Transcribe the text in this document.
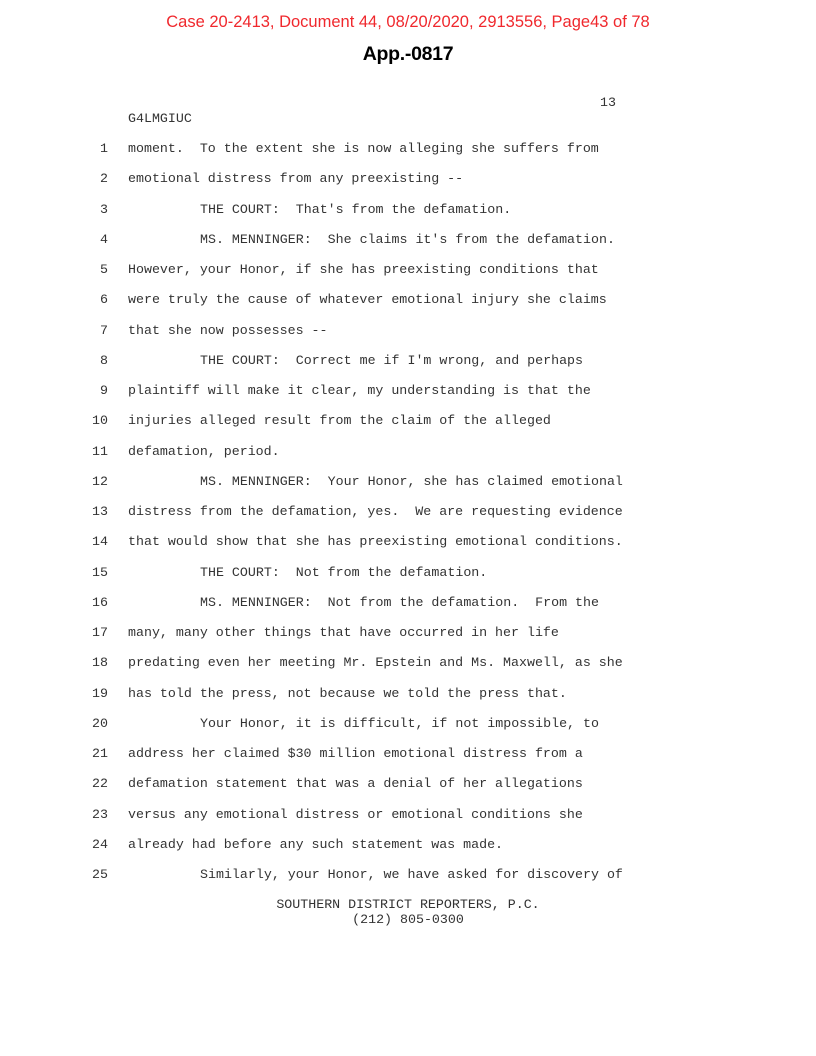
Case 20-2413, Document 44, 08/20/2020, 2913556, Page43 of 78
App.-0817
13
G4LMGIUC
1 moment.  To the extent she is now alleging she suffers from
2 emotional distress from any preexisting --
3	THE COURT:  That's from the defamation.
4	MS. MENNINGER:  She claims it's from the defamation.
5 However, your Honor, if she has preexisting conditions that
6 were truly the cause of whatever emotional injury she claims
7 that she now possesses --
8	THE COURT:  Correct me if I'm wrong, and perhaps
9 plaintiff will make it clear, my understanding is that the
10 injuries alleged result from the claim of the alleged
11 defamation, period.
12	MS. MENNINGER:  Your Honor, she has claimed emotional
13 distress from the defamation, yes.  We are requesting evidence
14 that would show that she has preexisting emotional conditions.
15	THE COURT:  Not from the defamation.
16	MS. MENNINGER:  Not from the defamation.  From the
17 many, many other things that have occurred in her life
18 predating even her meeting Mr. Epstein and Ms. Maxwell, as she
19 has told the press, not because we told the press that.
20	Your Honor, it is difficult, if not impossible, to
21 address her claimed $30 million emotional distress from a
22 defamation statement that was a denial of her allegations
23 versus any emotional distress or emotional conditions she
24 already had before any such statement was made.
25	Similarly, your Honor, we have asked for discovery of
SOUTHERN DISTRICT REPORTERS, P.C.
(212) 805-0300
